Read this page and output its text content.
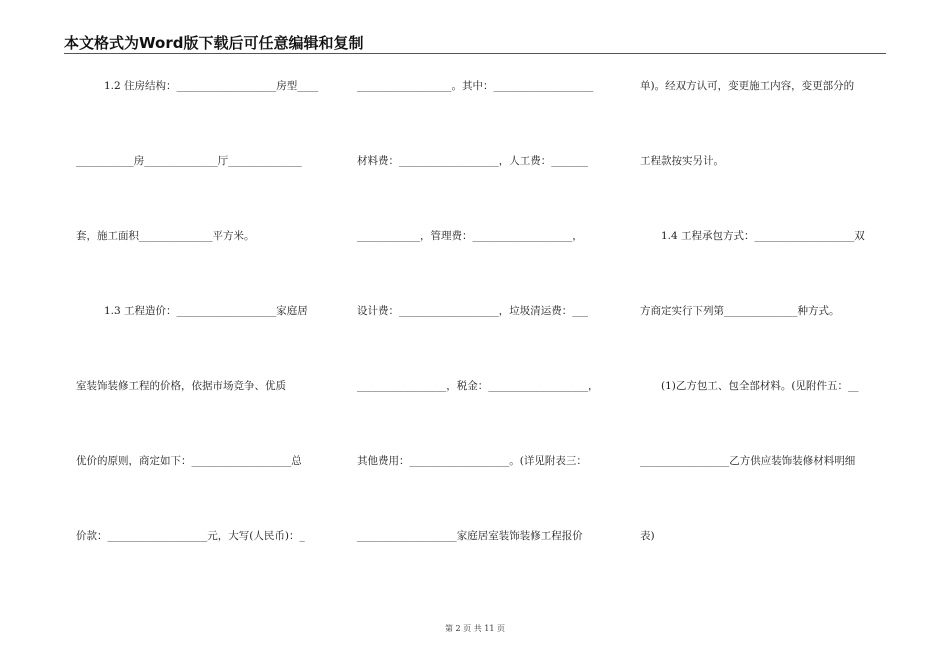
本文格式为Word版下载后可任意编辑和复制
1.2 住房结构：___________________房型____
___________房______________厅______________
套，施工面积______________平方米。
1.3 工程造价：___________________家庭居
室装饰装修工程的价格，依据市场竞争、优质
优价的原则，商定如下：___________________总
价款：___________________元，大写(人民币)：_
__________________。其中：___________________
材料费：___________________，人工费：_______
____________，管理费：___________________，
设计费：___________________，垃圾清运费：___
_________________，税金：___________________，
其他费用：___________________。(详见附表三：
___________________家庭居室装饰装修工程报价
单)。经双方认可，变更施工内容，变更部分的
工程款按实另计。
1.4 工程承包方式：___________________双
方商定实行下列第______________种方式。
(1)乙方包工、包全部材料。(见附件五：__
_________________乙方供应装饰装修材料明细
表)
第 2 页 共 11 页
